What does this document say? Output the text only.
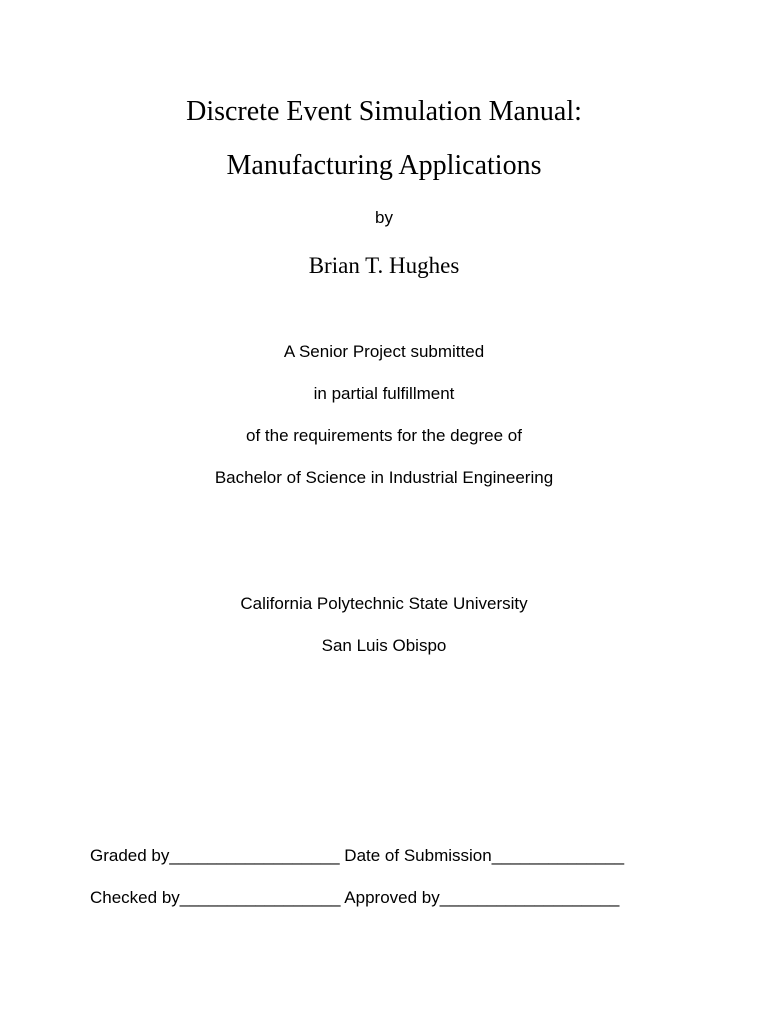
Discrete Event Simulation Manual:
Manufacturing Applications
by
Brian T. Hughes
A Senior Project submitted
in partial fulfillment
of the requirements for the degree of
Bachelor of Science in Industrial Engineering
California Polytechnic State University
San Luis Obispo
Graded by__________________ Date of Submission______________
Checked by_________________ Approved by___________________
